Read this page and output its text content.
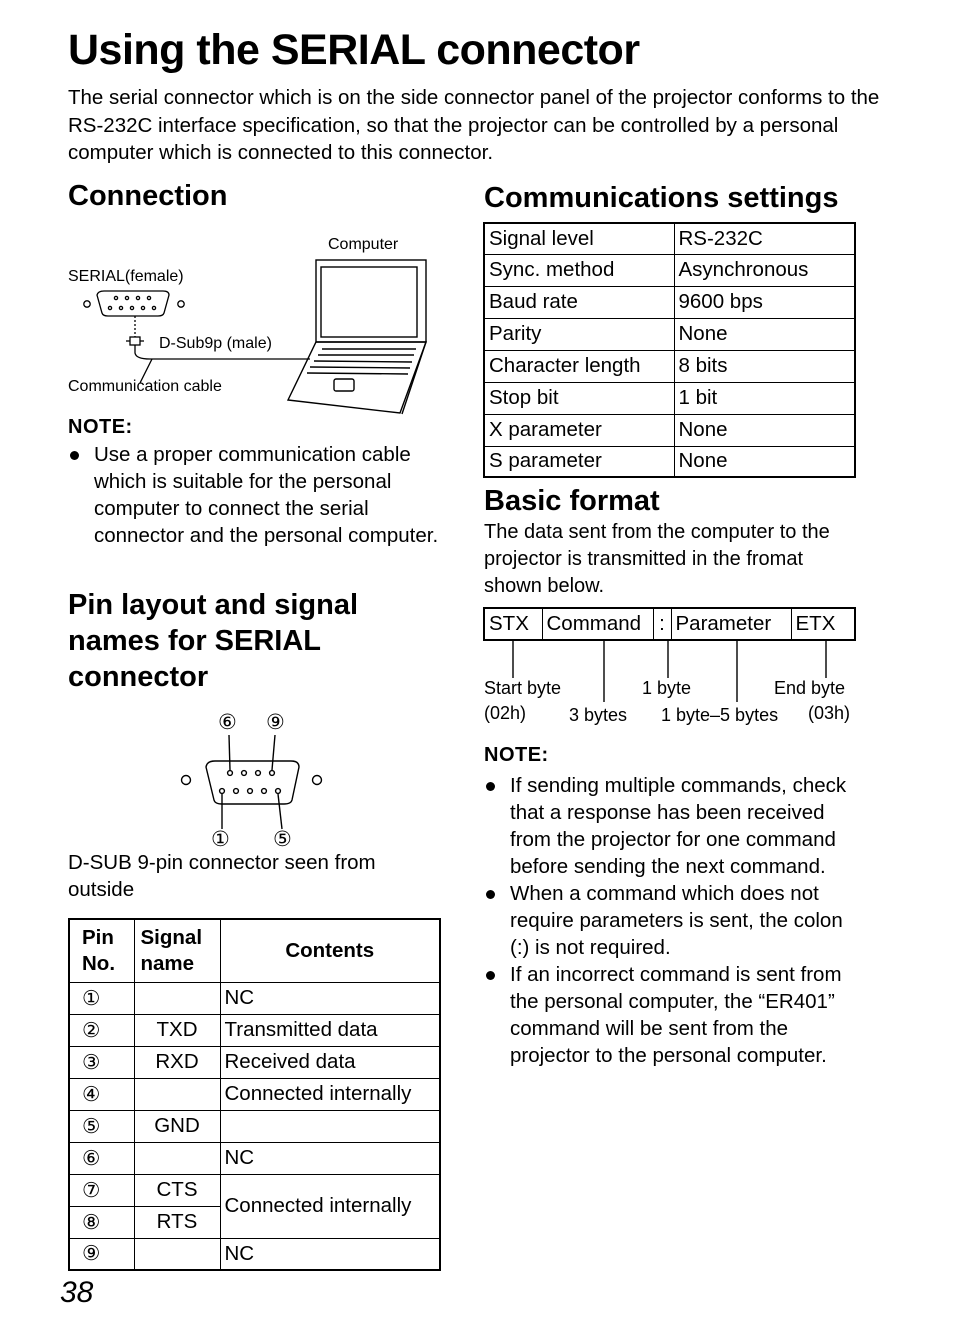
Using the SERIAL connector

The serial connector which is on the side connector panel of the projector conforms to the RS-232C interface specification, so that the projector can be controlled by a personal computer which is connected to this connector.

Connection
Computer
SERIAL(female)
D-Sub9p (male)
Communication cable

NOTE:

Use a proper communication cable which is suitable for the personal computer to connect the serial connector and the personal computer.
Pin layout and signal names for SERIAL connector
⑥ ⑨
① ⑤

D-SUB 9-pin connector seen from outside

Pin No.	Signal name	Contents
①		NC
②	TXD	Transmitted data
③	RXD	Received data
④		Connected internally
⑤	GND	
⑥		NC
⑦	CTS	Connected internally
⑧	RTS	
⑨		NC
38
Communications settings
Signal level	RS-232C
Sync. method	Asynchronous
Baud rate	9600 bps
Parity	None
Character length	8 bits
Stop bit	1 bit
X parameter	None
S parameter	None
Basic format

The data sent from the computer to the projector is transmitted in the fromat shown below.

STX	Command	:	Parameter	ETX
Start byte
(02h) 3 bytes
1 byte
1 byte–5 bytes
End byte
(03h)

NOTE:

If sending multiple commands, check that a response has been received from the projector for one command before sending the next command.
When a command which does not require parameters is sent, the colon (:) is not required.
If an incorrect command is sent from the personal computer, the “ER401” command will be sent from the projector to the personal computer.
